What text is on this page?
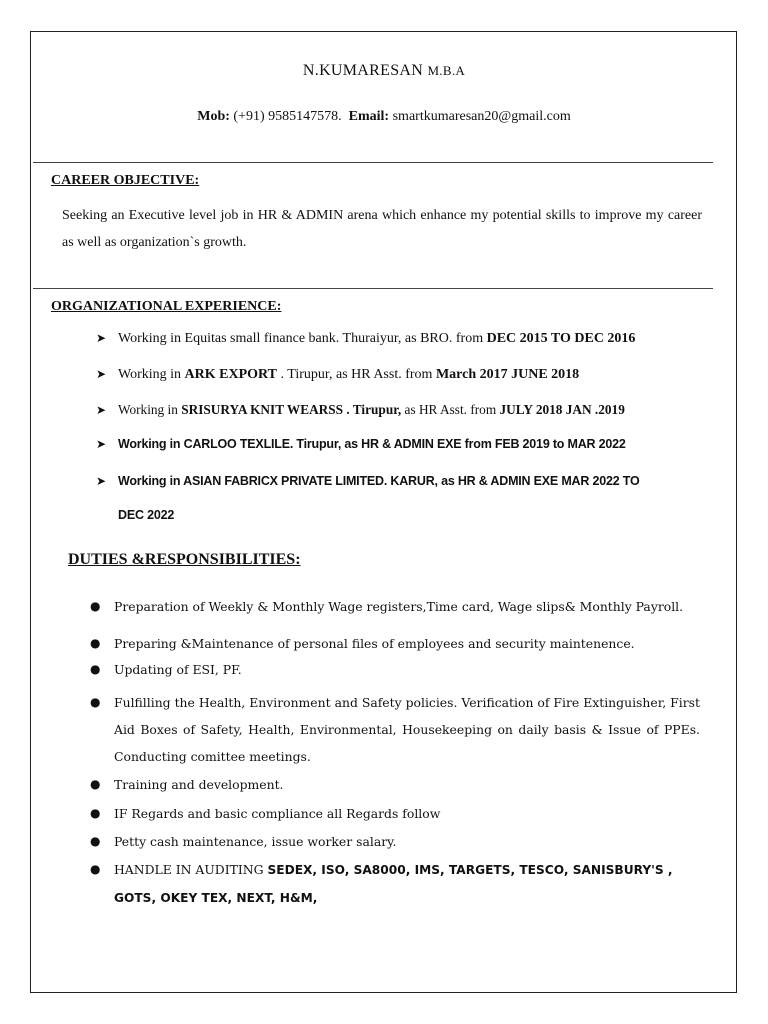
N.KUMARESAN M.B.A
Mob: (+91) 9585147578. Email: smartkumaresan20@gmail.com
CAREER OBJECTIVE:
Seeking an Executive level job in HR & ADMIN arena which enhance my potential skills to improve my career as well as organization`s growth.
ORGANIZATIONAL EXPERIENCE:
➤ Working in Equitas small finance bank. Thuraiyur, as BRO. from DEC 2015 TO DEC 2016
➤ Working in ARK EXPORT . Tirupur, as HR Asst. from March 2017 JUNE 2018
➤ Working in SRISURYA KNIT WEARSS . Tirupur, as HR Asst. from JULY 2018 JAN .2019
➤ Working in CARLOO TEXLILE. Tirupur, as HR & ADMIN EXE from FEB 2019 to MAR 2022
➤ Working in ASIAN FABRICX PRIVATE LIMITED. KARUR, as HR & ADMIN EXE MAR 2022 TO
DEC 2022
DUTIES &RESPONSIBILITIES:
● Preparation of Weekly & Monthly Wage registers,Time card, Wage slips& Monthly Payroll.
● Preparing &Maintenance of personal files of employees and security maintenence.
● Updating of ESI, PF.
● Fulfilling the Health, Environment and Safety policies. Verification of Fire Extinguisher, First Aid Boxes of Safety, Health, Environmental, Housekeeping on daily basis & Issue of PPEs. Conducting comittee meetings.
● Training and development.
● IF Regards and basic compliance all Regards follow
● Petty cash maintenance, issue worker salary.
● HANDLE IN AUDITING SEDEX, ISO, SA8000, IMS, TARGETS, TESCO, SANISBURY'S ,
GOTS, OKEY TEX, NEXT, H&M,
